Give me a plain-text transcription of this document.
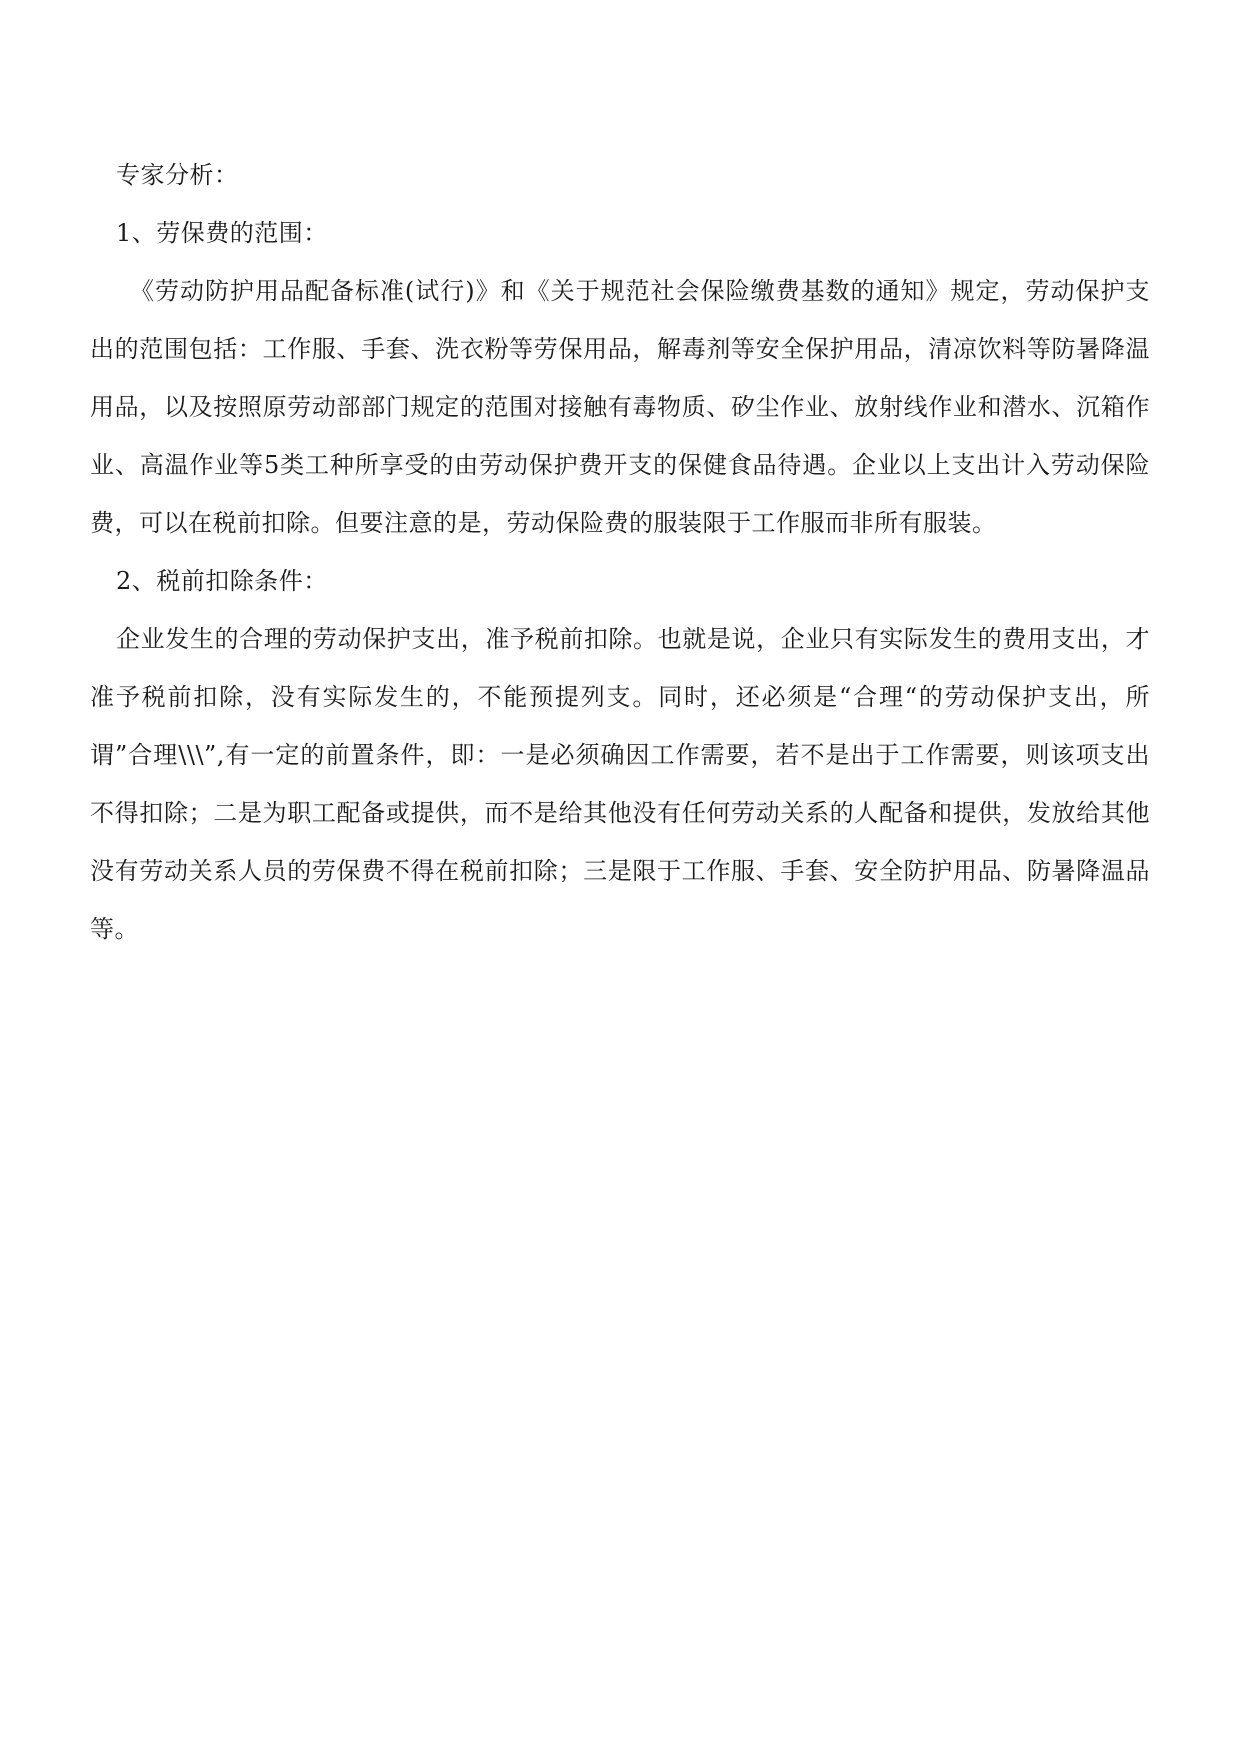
专家分析：

1、劳保费的范围：

《劳动防护用品配备标准(试行)》和《关于规范社会保险缴费基数的通知》规定，劳动保护支出的范围包括：工作服、手套、洗衣粉等劳保用品，解毒剂等安全保护用品，清凉饮料等防暑降温用品，以及按照原劳动部部门规定的范围对接触有毒物质、矽尘作业、放射线作业和潜水、沉箱作业、高温作业等5类工种所享受的由劳动保护费开支的保健食品待遇。企业以上支出计入劳动保险费，可以在税前扣除。但要注意的是，劳动保险费的服装限于工作服而非所有服装。

2、税前扣除条件：

企业发生的合理的劳动保护支出，准予税前扣除。也就是说，企业只有实际发生的费用支出，才准予税前扣除，没有实际发生的，不能预提列支。同时，还必须是“合理“的劳动保护支出，所谓”合理\\\”,有一定的前置条件，即：一是必须确因工作需要，若不是出于工作需要，则该项支出不得扣除；二是为职工配备或提供，而不是给其他没有任何劳动关系的人配备和提供，发放给其他没有劳动关系人员的劳保费不得在税前扣除；三是限于工作服、手套、安全防护用品、防暑降温品等。
